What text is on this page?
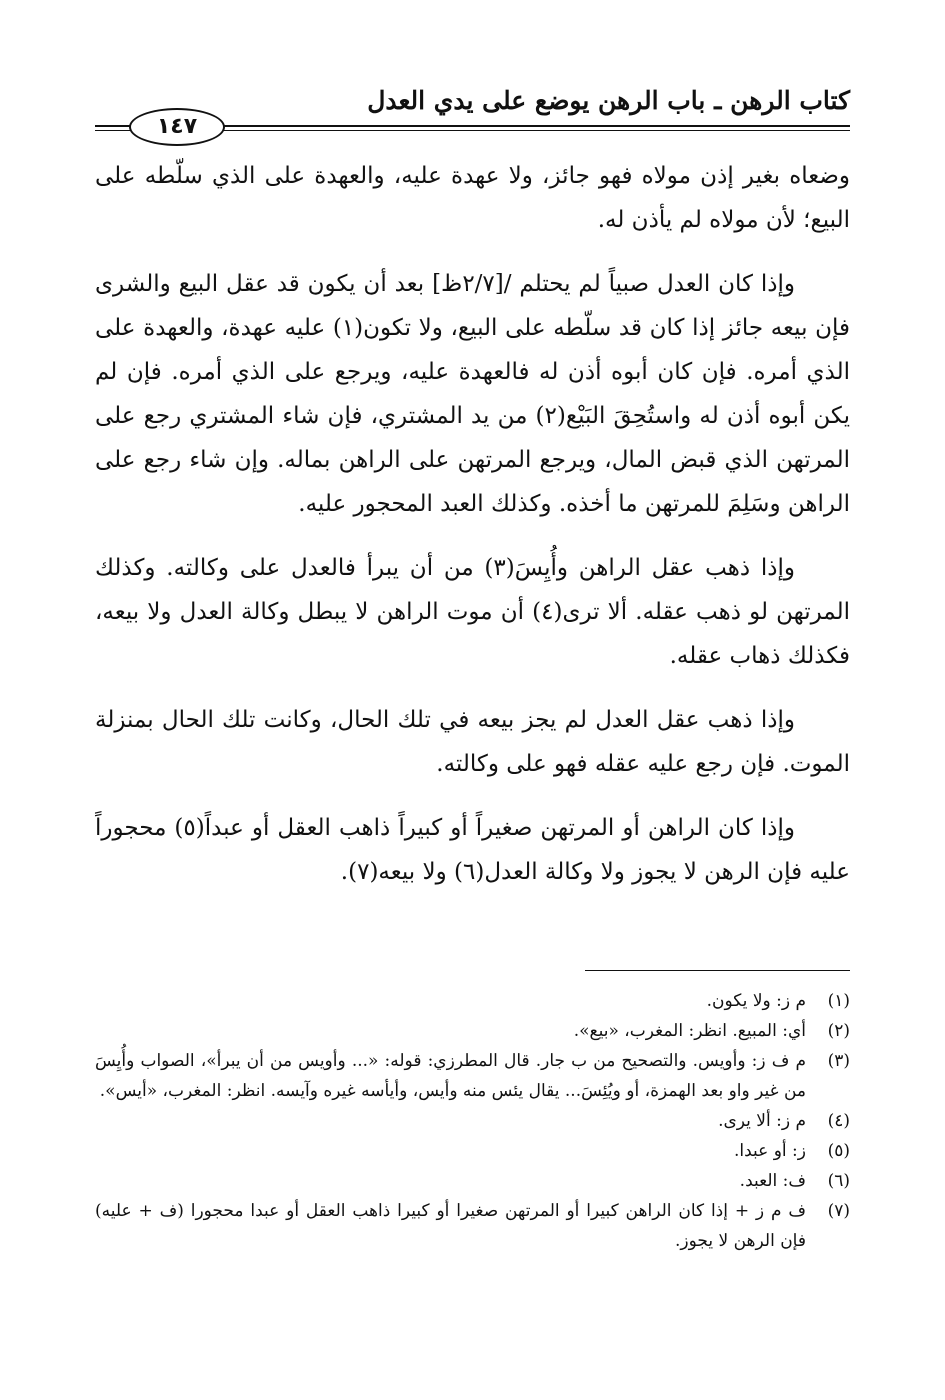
كتاب الرهن ـ باب الرهن يوضع على يدي العدل
١٤٧

وضعاه بغير إذن مولاه فهو جائز، ولا عهدة عليه، والعهدة على الذي سلّطه على البيع؛ لأن مولاه لم يأذن له.

وإذا كان العدل صبياً لم يحتلم /[٢/٧ظ] بعد أن يكون قد عقل البيع والشرى فإن بيعه جائز إذا كان قد سلّطه على البيع، ولا تكون(١) عليه عهدة، والعهدة على الذي أمره. فإن كان أبوه أذن له فالعهدة عليه، ويرجع على الذي أمره. فإن لم يكن أبوه أذن له واستُحِقَ البَيْع(٢) من يد المشتري، فإن شاء المشتري رجع على المرتهن الذي قبض المال، ويرجع المرتهن على الراهن بماله. وإن شاء رجع على الراهن وسَلِمَ للمرتهن ما أخذه. وكذلك العبد المحجور عليه.

وإذا ذهب عقل الراهن وأُيِسَ(٣) من أن يبرأ فالعدل على وكالته. وكذلك المرتهن لو ذهب عقله. ألا ترى(٤) أن موت الراهن لا يبطل وكالة العدل ولا بيعه، فكذلك ذهاب عقله.

وإذا ذهب عقل العدل لم يجز بيعه في تلك الحال، وكانت تلك الحال بمنزلة الموت. فإن رجع عليه عقله فهو على وكالته.

وإذا كان الراهن أو المرتهن صغيراً أو كبيراً ذاهب العقل أو عبداً(٥) محجوراً عليه فإن الرهن لا يجوز ولا وكالة العدل(٦) ولا بيعه(٧).

(١)
م ز: ولا يكون.
(٢)
أي: المبيع. انظر: المغرب، «بيع».
(٣)
م ف ز: وأويس. والتصحيح من ب جار. قال المطرزي: قوله: «... وأويس من أن يبرأ»، الصواب وأُيِسَ من غير واو بعد الهمزة، أو ويُئِسَ... يقال يئس منه وأيس، وأيأسه غيره وآيسه. انظر: المغرب، «أيس».
(٤)
م ز: ألا يرى.
(٥)
ز: أو عبدا.
(٦)
ف: العبد.
(٧)
ف م ز + إذا كان الراهن كبيرا أو المرتهن صغيرا أو كبيرا ذاهب العقل أو عبدا محجورا (ف + عليه) فإن الرهن لا يجوز.
